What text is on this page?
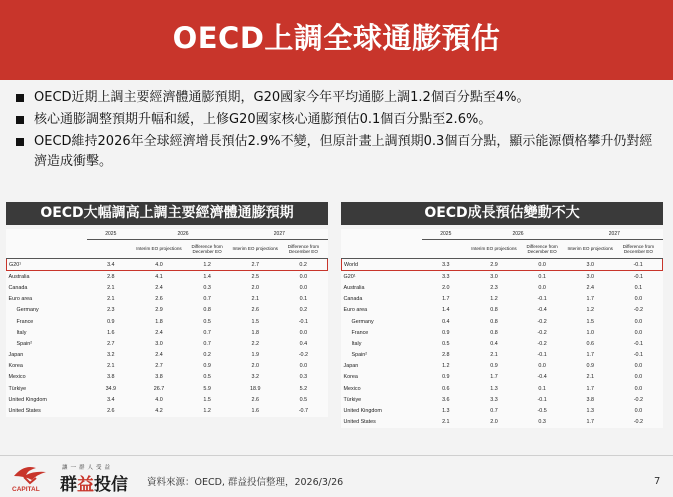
OECD上調全球通膨預估
OECD近期上調主要經濟體通膨預期，G20國家今年平均通膨上調1.2個百分點至4%。
核心通膨調整預期升幅和緩，上修G20國家核心通膨預估0.1個百分點至2.6%。
OECD維持2026年全球經濟增長預估2.9%不變，但原計畫上調預期0.3個百分點，顯示能源價格攀升仍對經濟造成衝擊。
OECD大幅調高上調主要經濟體通膨預期
	2025	2026		2027	
		Interim EO projections	Difference from December EO	Interim EO projections	Difference from December EO
G20¹	3.4	4.0	1.2	2.7	0.2
Australia	2.8	4.1	1.4	2.5	0.0
Canada	2.1	2.4	0.3	2.0	0.0
Euro area	2.1	2.6	0.7	2.1	0.1
Germany	2.3	2.9	0.8	2.6	0.2
France	0.9	1.8	0.5	1.5	-0.1
Italy	1.6	2.4	0.7	1.8	0.0
Spain²	2.7	3.0	0.7	2.2	0.4
Japan	3.2	2.4	0.2	1.9	-0.2
Korea	2.1	2.7	0.9	2.0	0.0
Mexico	3.8	3.8	0.5	3.2	0.3
Türkiye	34.9	26.7	5.9	18.9	5.2
United Kingdom	3.4	4.0	1.5	2.6	0.5
United States	2.6	4.2	1.2	1.6	-0.7
OECD成長預估變動不大
	2025	2026		2027	
		Interim EO projections	Difference from December EO	Interim EO projections	Difference from December EO
World	3.3	2.9	0.0	3.0	-0.1
G20¹	3.3	3.0	0.1	3.0	-0.1
Australia	2.0	2.3	0.0	2.4	0.1
Canada	1.7	1.2	-0.1	1.7	0.0
Euro area	1.4	0.8	-0.4	1.2	-0.2
Germany	0.4	0.8	-0.2	1.5	0.0
France	0.9	0.8	-0.2	1.0	0.0
Italy	0.5	0.4	-0.2	0.6	-0.1
Spain²	2.8	2.1	-0.1	1.7	-0.1
Japan	1.2	0.9	0.0	0.9	0.0
Korea	0.9	1.7	-0.4	2.1	0.0
Mexico	0.6	1.3	0.1	1.7	0.0
Türkiye	3.6	3.3	-0.1	3.8	-0.2
United Kingdom	1.3	0.7	-0.5	1.3	0.0
United States	2.1	2.0	0.3	1.7	-0.2
CAPITAL
讓一群人受益
群益投信 資料來源：OECD, 群益投信整理，2026/3/26	7
